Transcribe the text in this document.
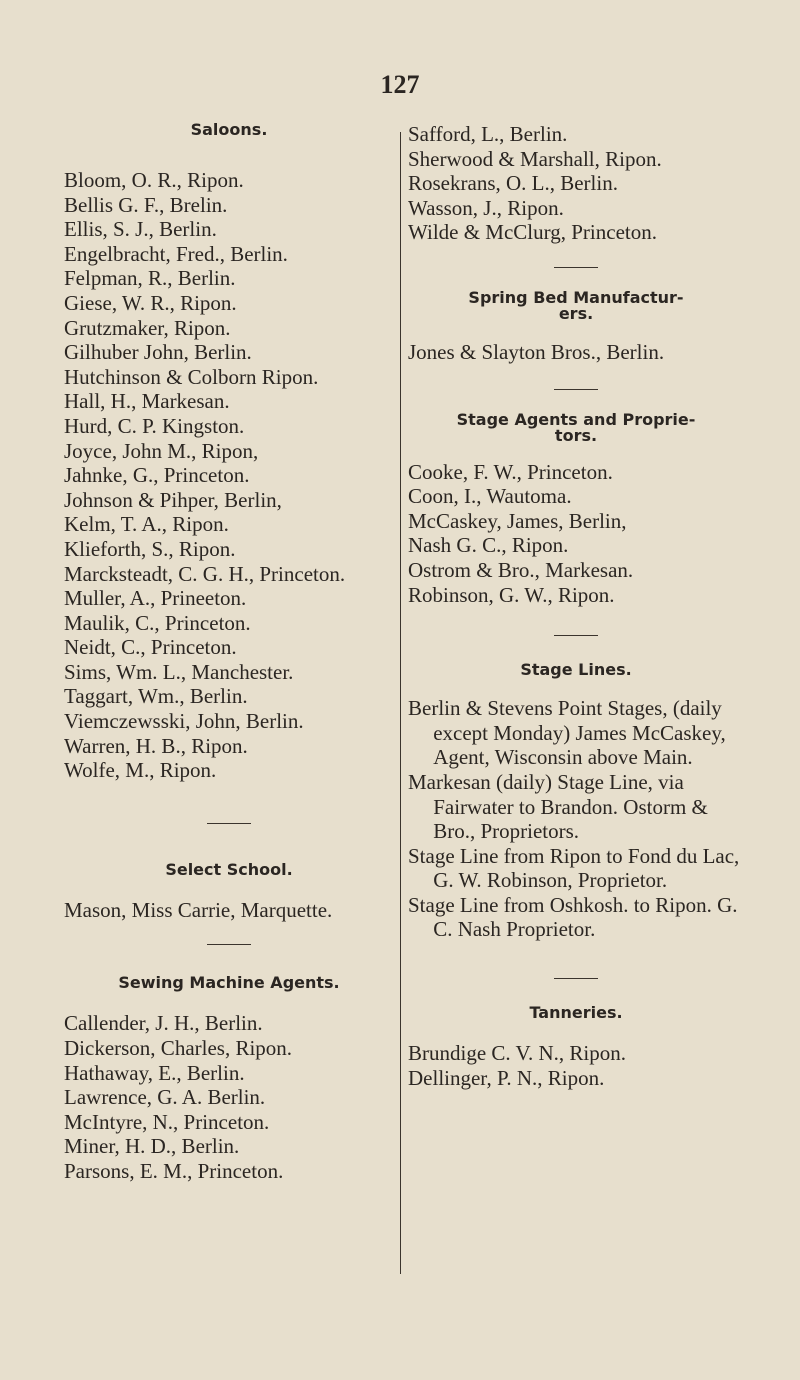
127
Saloons.

Bloom, O. R., Ripon.

Bellis G. F., Brelin.

Ellis, S. J., Berlin.

Engelbracht, Fred., Berlin.

Felpman, R., Berlin.

Giese, W. R., Ripon.

Grutzmaker, Ripon.

Gilhuber John, Berlin.

Hutchinson & Colborn Ripon.

Hall, H., Markesan.

Hurd, C. P. Kingston.

Joyce, John M., Ripon,

Jahnke, G., Princeton.

Johnson & Pihper, Berlin,

Kelm, T. A., Ripon.

Klieforth, S., Ripon.

Marcksteadt, C. G. H., Princeton.

Muller, A., Prineeton.

Maulik, C., Princeton.

Neidt, C., Princeton.

Sims, Wm. L., Manchester.

Taggart, Wm., Berlin.

Viemczewsski, John, Berlin.

Warren, H. B., Ripon.

Wolfe, M., Ripon.

Select School.

Mason, Miss Carrie, Marquette.

Sewing Machine Agents.

Callender, J. H., Berlin.

Dickerson, Charles, Ripon.

Hathaway, E., Berlin.

Lawrence, G. A. Berlin.

McIntyre, N., Princeton.

Miner, H. D., Berlin.

Parsons, E. M., Princeton.

Safford, L., Berlin.

Sherwood & Marshall, Ripon.

Rosekrans, O. L., Berlin.

Wasson, J., Ripon.

Wilde & McClurg, Princeton.

Spring Bed Manufactur-
ers.

Jones & Slayton Bros., Berlin.

Stage Agents and Proprie-
tors.

Cooke, F. W., Princeton.

Coon, I., Wautoma.

McCaskey, James, Berlin,

Nash G. C., Ripon.

Ostrom & Bro., Markesan.

Robinson, G. W., Ripon.

Stage Lines.

Berlin & Stevens Point Stages, (daily except Monday) James McCaskey, Agent, Wisconsin above Main.

Markesan (daily) Stage Line, via Fairwater to Brandon. Ostorm & Bro., Proprietors.

Stage Line from Ripon to Fond du Lac, G. W. Robinson, Proprietor.

Stage Line from Oshkosh. to Ripon. G. C. Nash Proprietor.

Tanneries.

Brundige C. V. N., Ripon.

Dellinger, P. N., Ripon.
